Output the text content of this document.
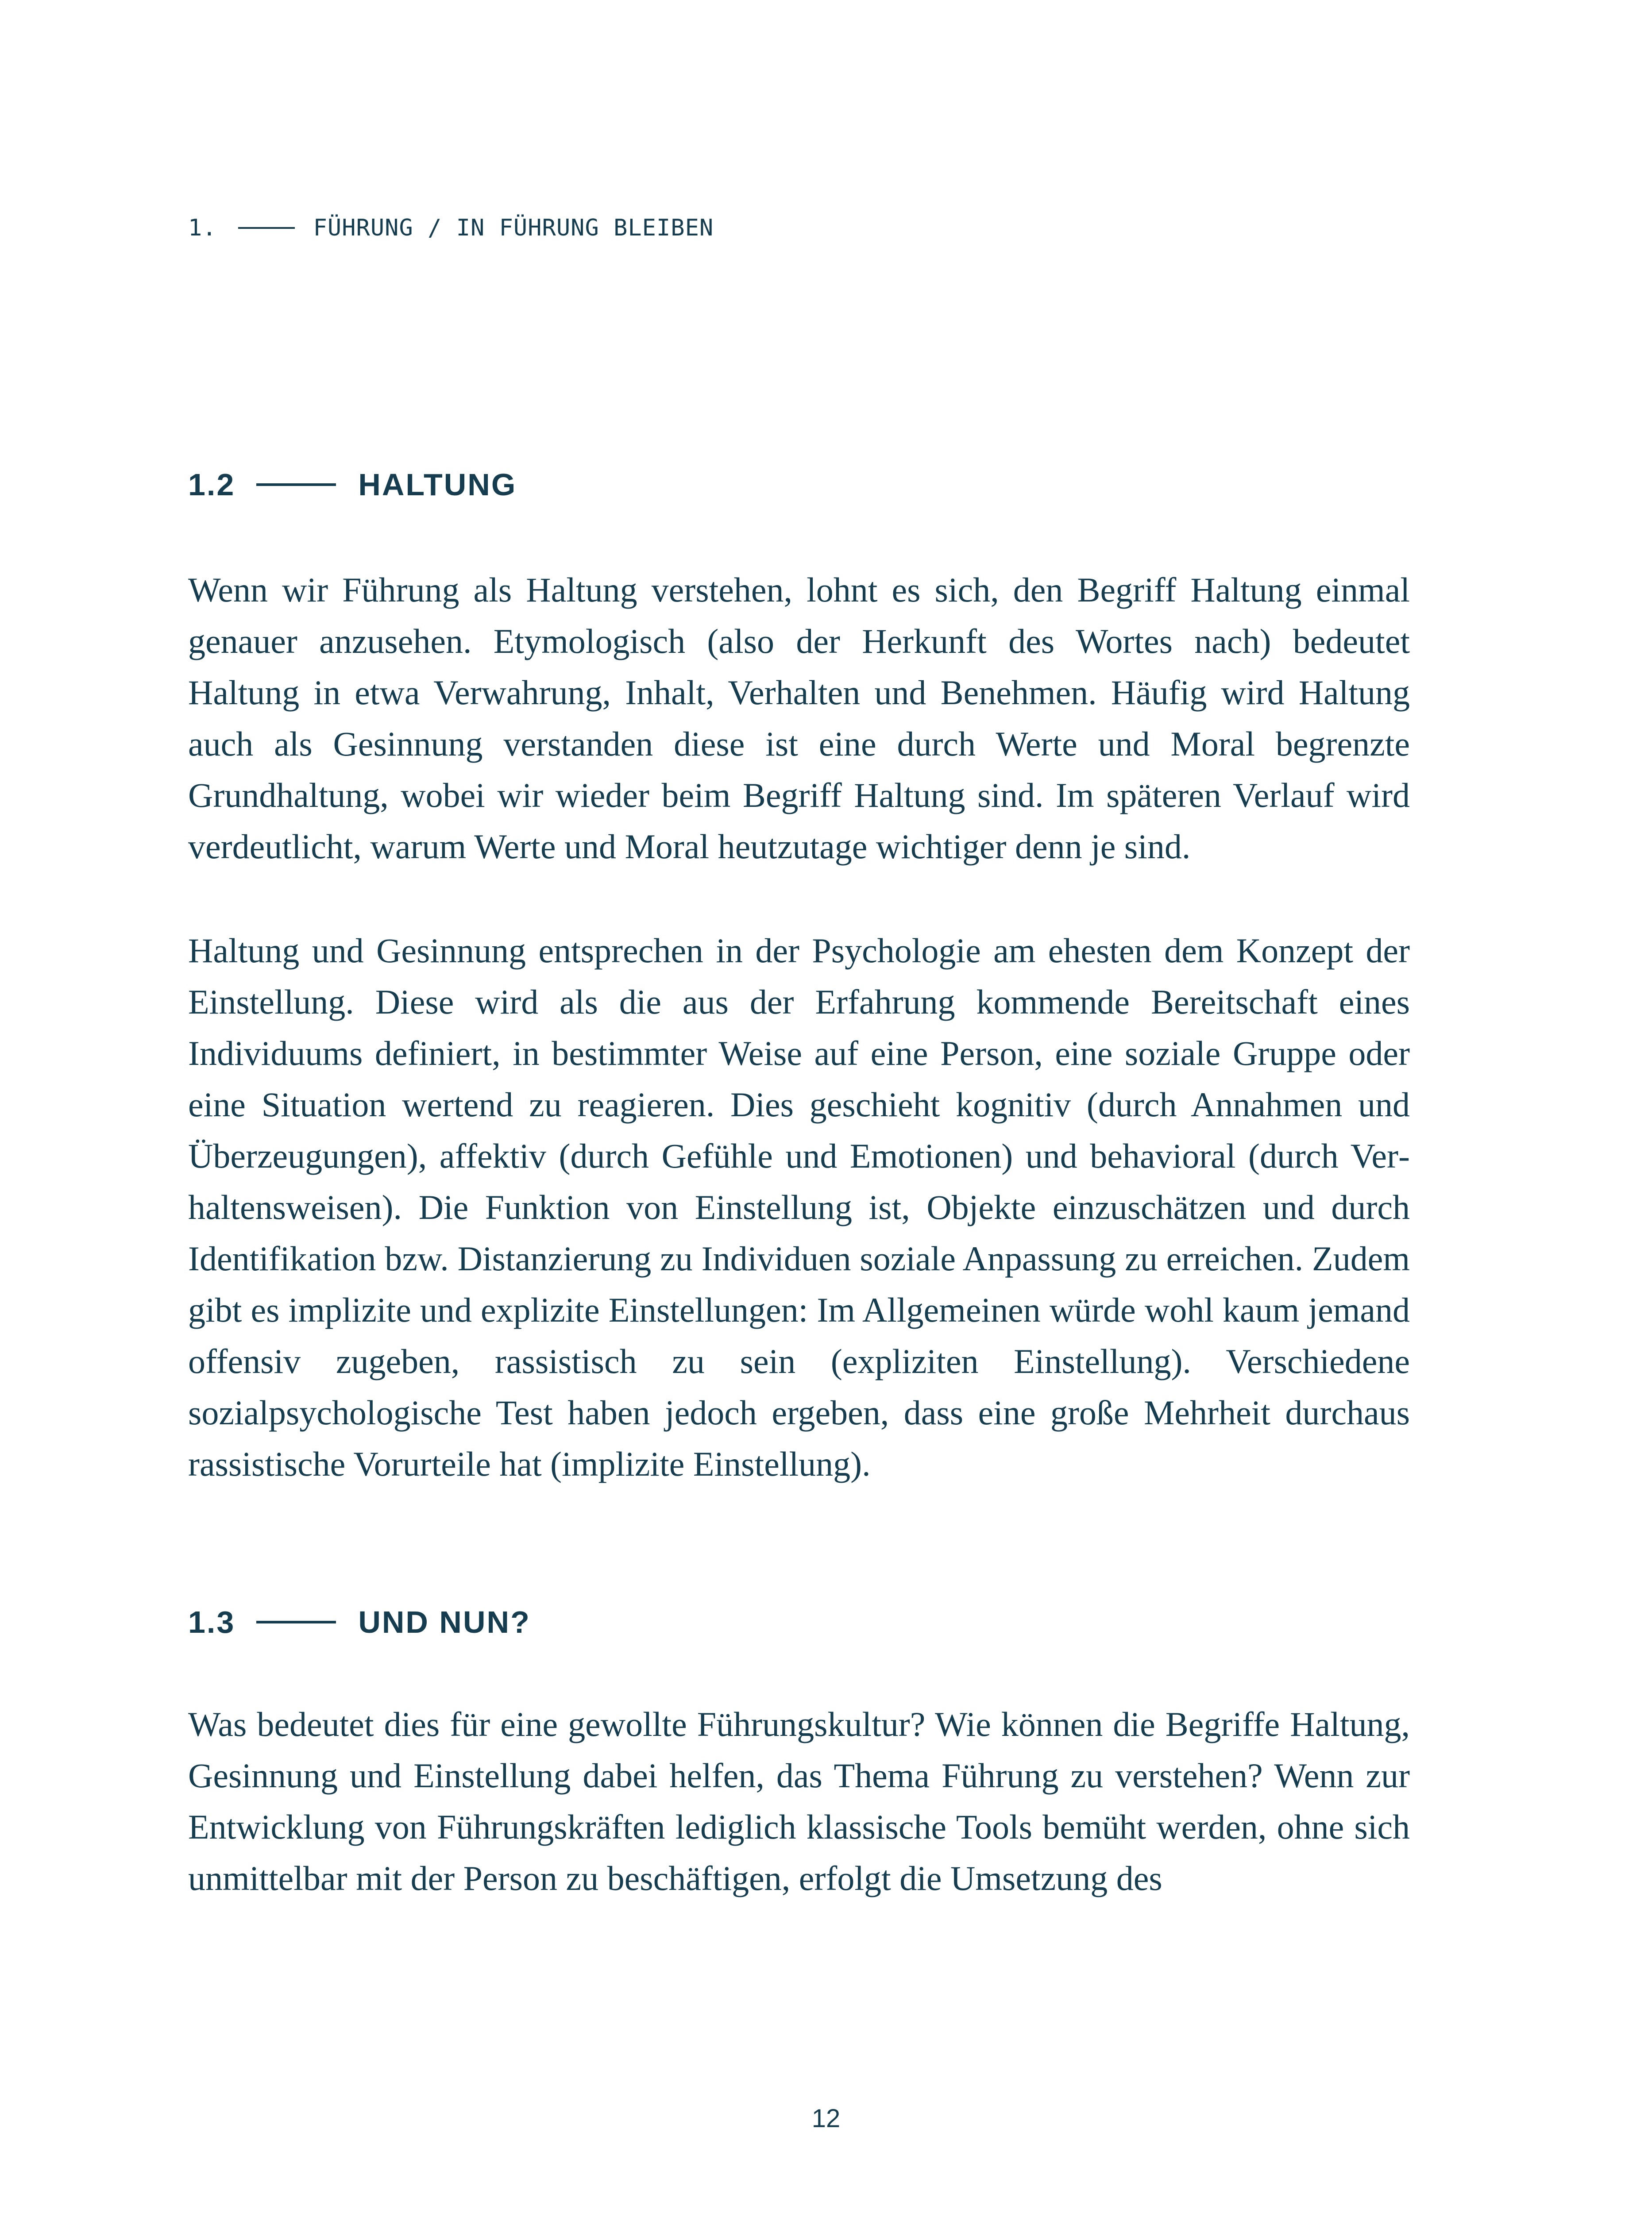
1.	FÜHRUNG / IN FÜHRUNG BLEIBEN
1.2	HALTUNG

Wenn wir Führung als Haltung verstehen, lohnt es sich, den Begriff Haltung einmal genauer anzusehen. Etymologisch (also der Herkunft des Wortes nach) bedeutet Haltung in etwa Verwahrung, Inhalt, Verhalten und Benehmen. Häufig wird Haltung auch als Gesinnung verstanden diese ist eine durch Werte und Moral begrenzte Grundhaltung, wobei wir wieder beim Begriff Haltung sind. Im späteren Verlauf wird verdeutlicht, warum Werte und Moral heutzutage wichtiger denn je sind.

Haltung und Gesinnung entsprechen in der Psychologie am ehesten dem Konzept der Einstellung. Diese wird als die aus der Erfahrung kommende Bereitschaft eines Individuums definiert, in bestimmter Weise auf eine Person, eine soziale Gruppe oder eine Situation wertend zu reagieren. Dies geschieht kognitiv (durch Annahmen und Überzeugungen), affektiv (durch Gefühle und Emotionen) und behavioral (durch Verhaltensweisen). Die Funktion von Einstellung ist, Objekte einzuschätzen und durch Identifikation bzw. Distanzierung zu Individuen soziale Anpassung zu erreichen. Zudem gibt es implizite und explizite Einstellungen: Im Allgemeinen würde wohl kaum jemand offensiv zugeben, rassistisch zu sein (expliziten Einstellung). Verschiedene sozialpsychologische Test haben jedoch ergeben, dass eine große Mehrheit durchaus rassistische Vorurteile hat (implizite Einstellung).

1.3	UND NUN?

Was bedeutet dies für eine gewollte Führungskultur? Wie können die Begriffe Haltung, Gesinnung und Einstellung dabei helfen, das Thema Führung zu verstehen? Wenn zur Entwicklung von Führungskräften lediglich klassische Tools bemüht werden, ohne sich unmittelbar mit der Person zu beschäftigen, erfolgt die Umsetzung des

12
